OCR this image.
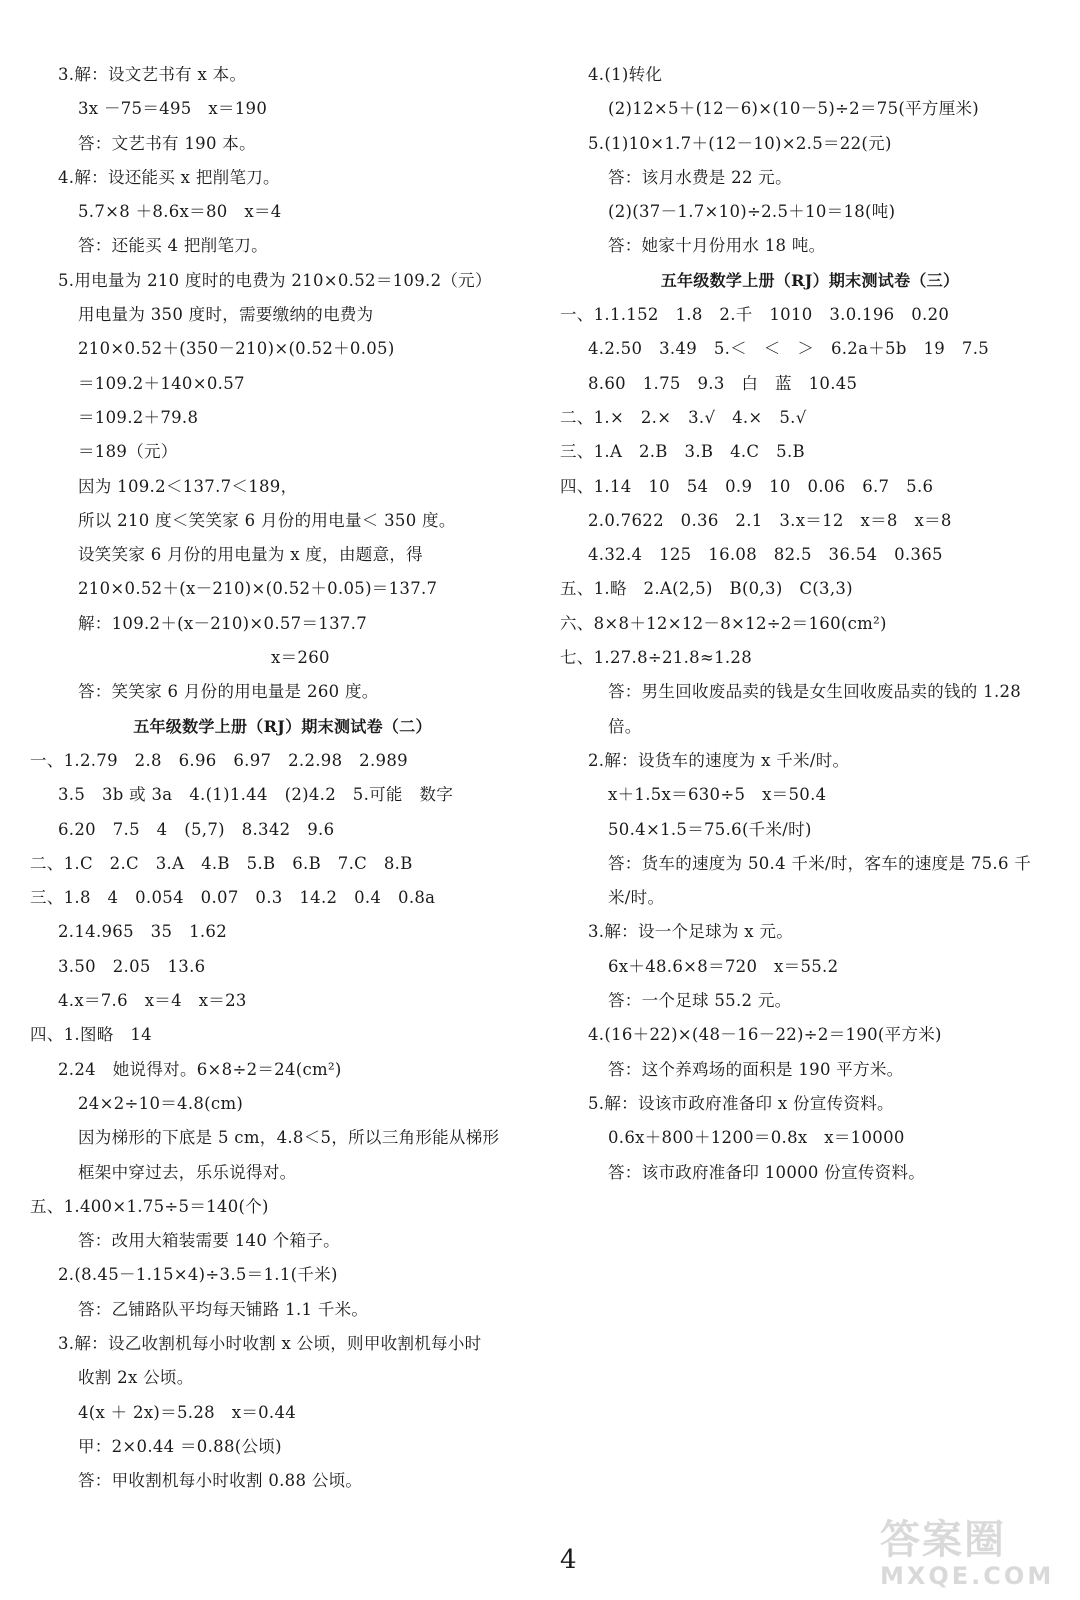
3.解：设文艺书有 x 本。
3x －75＝495　x＝190
答：文艺书有 190 本。
4.解：设还能买 x 把削笔刀。
5.7×8 ＋8.6x＝80　x＝4
答：还能买 4 把削笔刀。
5.用电量为 210 度时的电费为 210×0.52＝109.2（元）
用电量为 350 度时，需要缴纳的电费为
210×0.52＋(350－210)×(0.52＋0.05)
＝109.2＋140×0.57
＝109.2＋79.8
＝189（元）
因为 109.2＜137.7＜189，
所以 210 度＜笑笑家 6 月份的用电量＜ 350 度。
设笑笑家 6 月份的用电量为 x 度，由题意，得
210×0.52＋(x－210)×(0.52＋0.05)＝137.7
解：109.2＋(x－210)×0.57＝137.7
x＝260
答：笑笑家 6 月份的用电量是 260 度。
五年级数学上册（RJ）期末测试卷（二）
一、1.2.79　2.8　6.96　6.97　2.2.98　2.989
3.5　3b 或 3a　4.(1)1.44　(2)4.2　5.可能　数字
6.20　7.5　4　(5,7)　8.342　9.6
二、1.C　2.C　3.A　4.B　5.B　6.B　7.C　8.B
三、1.8　4　0.054　0.07　0.3　14.2　0.4　0.8a
2.14.965　35　1.62
3.50　2.05　13.6
4.x＝7.6　x＝4　x＝23
四、1.图略　14
2.24　她说得对。6×8÷2＝24(cm²)
24×2÷10＝4.8(cm)
因为梯形的下底是 5 cm，4.8＜5，所以三角形能从梯形
框架中穿过去，乐乐说得对。
五、1.400×1.75÷5＝140(个)
答：改用大箱装需要 140 个箱子。
2.(8.45－1.15×4)÷3.5＝1.1(千米)
答：乙铺路队平均每天铺路 1.1 千米。
3.解：设乙收割机每小时收割 x 公顷，则甲收割机每小时
收割 2x 公顷。
4(x ＋ 2x)＝5.28　x＝0.44
甲：2×0.44 ＝0.88(公顷)
答：甲收割机每小时收割 0.88 公顷。
4.(1)转化
(2)12×5＋(12－6)×(10－5)÷2＝75(平方厘米)
5.(1)10×1.7＋(12－10)×2.5＝22(元)
答：该月水费是 22 元。
(2)(37－1.7×10)÷2.5＋10＝18(吨)
答：她家十月份用水 18 吨。
五年级数学上册（RJ）期末测试卷（三）
一、1.1.152　1.8　2.千　1010　3.0.196　0.20
4.2.50　3.49　5.＜　＜　＞　6.2a＋5b　19　7.5
8.60　1.75　9.3　白　蓝　10.45
二、1.×　2.×　3.√　4.×　5.√
三、1.A　2.B　3.B　4.C　5.B
四、1.14　10　54　0.9　10　0.06　6.7　5.6
2.0.7622　0.36　2.1　3.x＝12　x＝8　x＝8
4.32.4　125　16.08　82.5　36.54　0.365
五、1.略　2.A(2,5)　B(0,3)　C(3,3)
六、8×8＋12×12－8×12÷2＝160(cm²)
七、1.27.8÷21.8≈1.28
答：男生回收废品卖的钱是女生回收废品卖的钱的 1.28
倍。
2.解：设货车的速度为 x 千米/时。
x＋1.5x＝630÷5　x＝50.4
50.4×1.5＝75.6(千米/时)
答：货车的速度为 50.4 千米/时，客车的速度是 75.6 千
米/时。
3.解：设一个足球为 x 元。
6x＋48.6×8＝720　x＝55.2
答：一个足球 55.2 元。
4.(16＋22)×(48－16－22)÷2＝190(平方米)
答：这个养鸡场的面积是 190 平方米。
5.解：设该市政府准备印 x 份宣传资料。
0.6x＋800＋1200＝0.8x　x＝10000
答：该市政府准备印 10000 份宣传资料。
4	答案圈
MXQE.COM
